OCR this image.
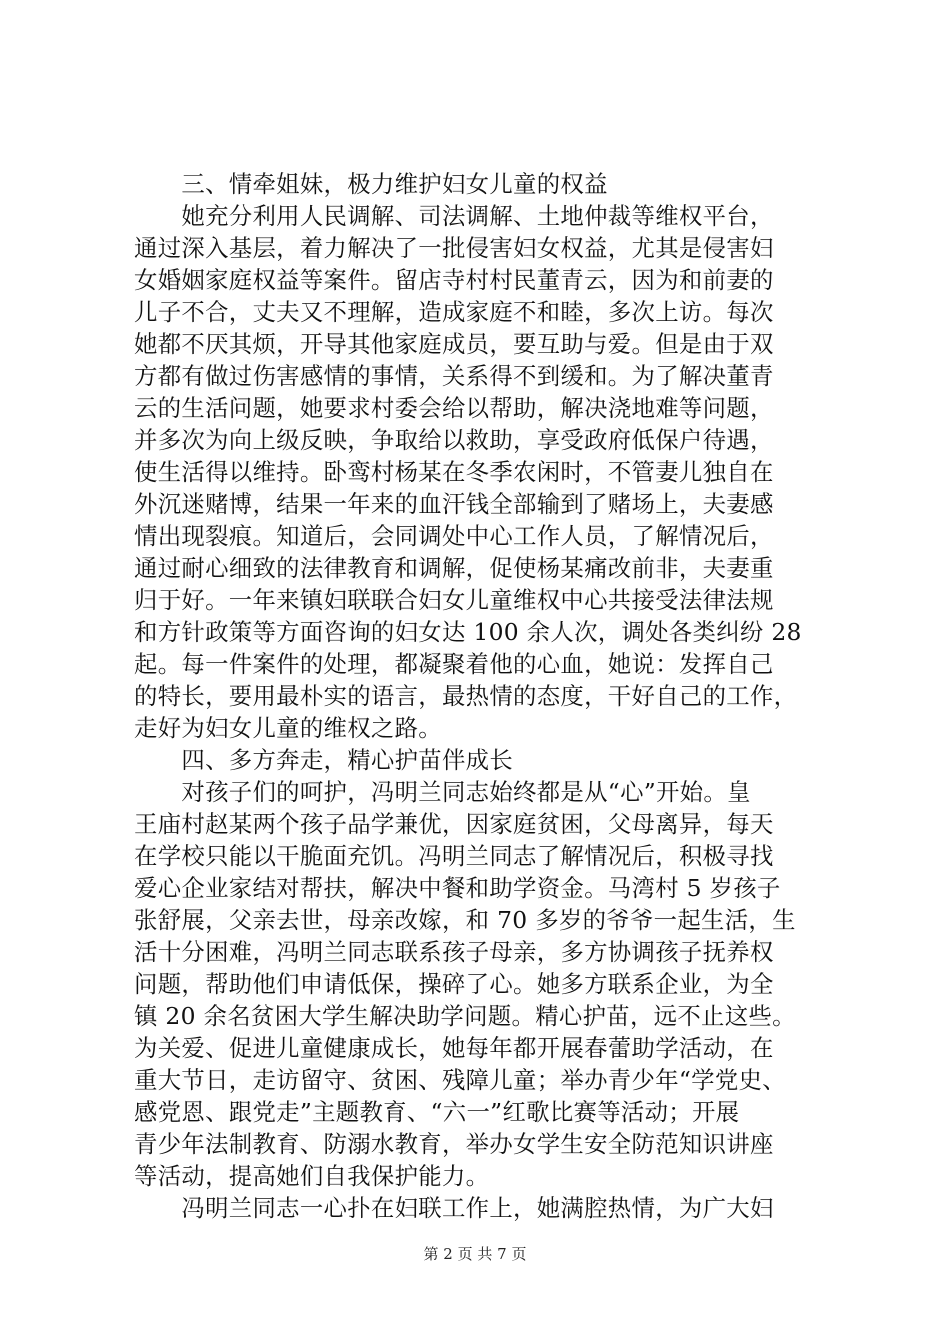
　　三、情牵姐妹，极力维护妇女儿童的权益
　　她充分利用人民调解、司法调解、土地仲裁等维权平台，
通过深入基层，着力解决了一批侵害妇女权益，尤其是侵害妇
女婚姻家庭权益等案件。留店寺村村民董青云，因为和前妻的
儿子不合，丈夫又不理解，造成家庭不和睦，多次上访。每次
她都不厌其烦，开导其他家庭成员，要互助与爱。但是由于双
方都有做过伤害感情的事情，关系得不到缓和。为了解决董青
云的生活问题，她要求村委会给以帮助，解决浇地难等问题，
并多次为向上级反映，争取给以救助，享受政府低保户待遇，
使生活得以维持。卧鸾村杨某在冬季农闲时，不管妻儿独自在
外沉迷赌博，结果一年来的血汗钱全部输到了赌场上，夫妻感
情出现裂痕。知道后，会同调处中心工作人员，了解情况后，
通过耐心细致的法律教育和调解，促使杨某痛改前非，夫妻重
归于好。一年来镇妇联联合妇女儿童维权中心共接受法律法规
和方针政策等方面咨询的妇女达 100 余人次，调处各类纠纷 28
起。每一件案件的处理，都凝聚着他的心血，她说：发挥自己
的特长，要用最朴实的语言，最热情的态度，干好自己的工作，
走好为妇女儿童的维权之路。
　　四、多方奔走，精心护苗伴成长
　　对孩子们的呵护，冯明兰同志始终都是从“心”开始。皇
王庙村赵某两个孩子品学兼优，因家庭贫困，父母离异，每天
在学校只能以干脆面充饥。冯明兰同志了解情况后，积极寻找
爱心企业家结对帮扶，解决中餐和助学资金。马湾村 5 岁孩子
张舒展，父亲去世，母亲改嫁，和 70 多岁的爷爷一起生活，生
活十分困难，冯明兰同志联系孩子母亲，多方协调孩子抚养权
问题，帮助他们申请低保，操碎了心。她多方联系企业，为全
镇 20 余名贫困大学生解决助学问题。精心护苗，远不止这些。
为关爱、促进儿童健康成长，她每年都开展春蕾助学活动，在
重大节日，走访留守、贫困、残障儿童；举办青少年“学党史、
感党恩、跟党走”主题教育、“六一”红歌比赛等活动；开展
青少年法制教育、防溺水教育，举办女学生安全防范知识讲座
等活动，提高她们自我保护能力。
　　冯明兰同志一心扑在妇联工作上，她满腔热情，为广大妇
第 2 页 共 7 页
